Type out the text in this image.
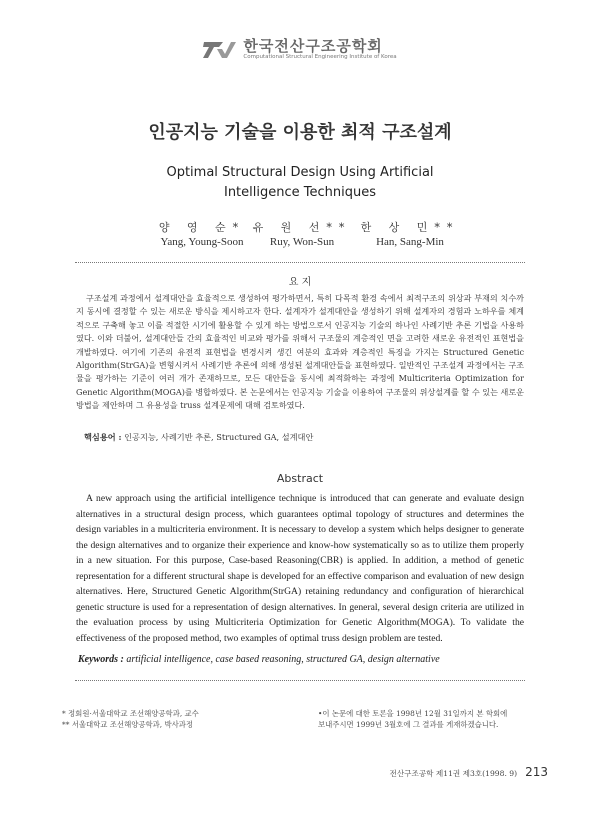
한국전산구조공학회
Computational Structural Engineering Institute of Korea
인공지능 기술을 이용한 최적 구조설계
Optimal Structural Design Using Artificial
Intelligence Techniques
양 영 순*
Yang, Young-Soon
유 원 선**
Ruy, Won-Sun
한 상 민**
Han, Sang-Min
요 지

구조설계 과정에서 설계대안을 효율적으로 생성하여 평가하면서, 특히 다목적 환경 속에서 최적구조의 위상과 부재의 치수까지 동시에 결정할 수 있는 새로운 방식을 제시하고자 한다. 설계자가 설계대안을 생성하기 위해 설계자의 경험과 노하우를 체계적으로 구축해 놓고 이를 적절한 시기에 활용할 수 있게 하는 방법으로서 인공지능 기술의 하나인 사례기반 추론 기법을 사용하였다. 이와 더불어, 설계대안들 간의 효율적인 비교와 평가를 위해서 구조물의 계층적인 면을 고려한 새로운 유전적인 표현법을 개발하였다. 여기에 기존의 유전적 표현법을 변경시켜 생긴 여분의 효과와 계층적인 특징을 가지는 Structured Genetic Algorithm(StrGA)을 변형시켜서 사례기반 추론에 의해 생성된 설계대안들을 표현하였다. 일반적인 구조설계 과정에서는 구조물을 평가하는 기준이 여러 개가 존재하므로, 모든 대안들을 동시에 최적화하는 과정에 Multicriteria Optimization for Genetic Algorithm(MOGA)를 병합하였다. 본 논문에서는 인공지능 기술을 이용하여 구조물의 위상설계를 할 수 있는 새로운 방법을 제안하며 그 유용성을 truss 설계문제에 대해 검토하였다.

핵심용어 : 인공지능, 사례기반 추론, Structured GA, 설계대안
Abstract

A new approach using the artificial intelligence technique is introduced that can generate and evaluate design alternatives in a structural design process, which guarantees optimal topology of structures and determines the design variables in a multicriteria environment. It is necessary to develop a system which helps designer to generate the design alternatives and to organize their experience and know-how systematically so as to utilize them properly in a new situation. For this purpose, Case-based Reasoning(CBR) is applied. In addition, a method of genetic representation for a different structural shape is developed for an effective comparison and evaluation of new design alternatives. Here, Structured Genetic Algorithm(StrGA) retaining redundancy and configuration of hierarchical genetic structure is used for a representation of design alternatives. In general, several design criteria are utilized in the evaluation process by using Multicriteria Optimization for Genetic Algorithm(MOGA). To validate the effectiveness of the proposed method, two examples of optimal truss design problem are tested.

Keywords : artificial intelligence, case based reasoning, structured GA, design alternative
* 정회원·서울대학교 조선해양공학과, 교수
** 서울대학교 조선해양공학과, 박사과정
•이 논문에 대한 토론을 1998년 12월 31일까지 본 학회에
보내주시면 1999년 3월호에 그 결과를 게재하겠습니다.
전산구조공학 제11권 제3호(1998. 9) 213
